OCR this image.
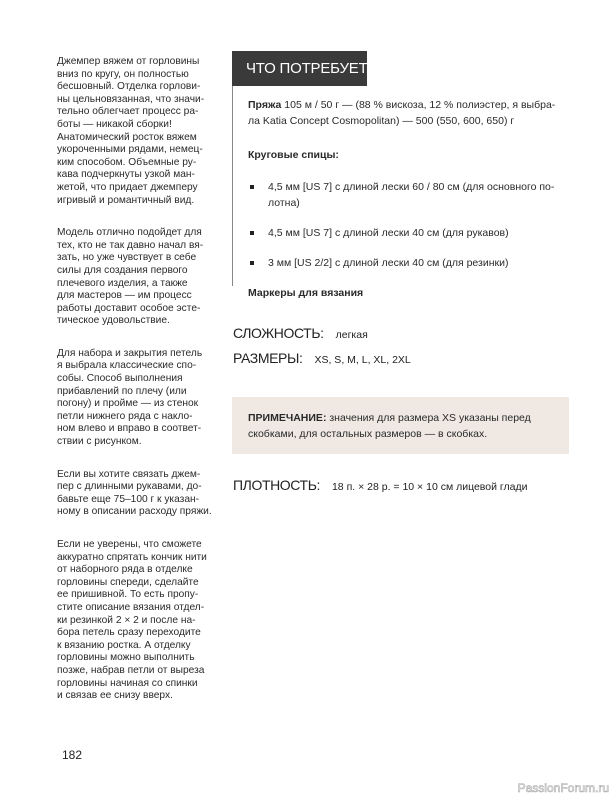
Джемпер вяжем от горловины
вниз по кругу, он полностью
бесшовный. Отделка горлови-
ны цельновязанная, что значи-
тельно облегчает процесс ра-
боты — никакой сборки!
Анатомический росток вяжем
укороченными рядами, немец-
ким способом. Объемные ру-
кава подчеркнуты узкой ман-
жетой, что придает джемперу
игривый и романтичный вид.
Модель отлично подойдет для
тех, кто не так давно начал вя-
зать, но уже чувствует в себе
силы для создания первого
плечевого изделия, а также
для мастеров — им процесс
работы доставит особое эсте-
тическое удовольствие.
Для набора и закрытия петель
я выбрала классические спо-
собы. Способ выполнения
прибавлений по плечу (или
погону) и пройме — из стенок
петли нижнего ряда с накло-
ном влево и вправо в соответ-
ствии с рисунком.
Если вы хотите связать джем-
пер с длинными рукавами, до-
бавьте еще 75–100 г к указан-
ному в описании расходу пряжи.
Если не уверены, что сможете
аккуратно спрятать кончик нити
от наборного ряда в отделке
горловины спереди, сделайте
ее пришивной. То есть пропу-
стите описание вязания отдел-
ки резинкой 2 × 2 и после на-
бора петель сразу переходите
к вязанию ростка. А отделку
горловины можно выполнить
позже, набрав петли от выреза
горловины начиная со спинки
и связав ее снизу вверх.
ЧТО ПОТРЕБУЕТСЯ:
Пряжа 105 м / 50 г — (88 % вискоза, 12 % полиэстер, я выбра-
ла Katia Concept Cosmopolitan) — 500 (550, 600, 650) г
Круговые спицы:
4,5 мм [US 7] с длиной лески 60 / 80 см (для основного по-
лотна)
4,5 мм [US 7] с длиной лески 40 см (для рукавов)
3 мм [US 2/2] с длиной лески 40 см (для резинки)
Маркеры для вязания
СЛОЖНОСТЬ: легкая
РАЗМЕРЫ: XS, S, M, L, XL, 2XL
ПРИМЕЧАНИЕ: значения для размера XS указаны перед
скобками, для остальных размеров — в скобках.
ПЛОТНОСТЬ: 18 п. × 28 р. = 10 × 10 см лицевой глади
182
PassionForum.ru
